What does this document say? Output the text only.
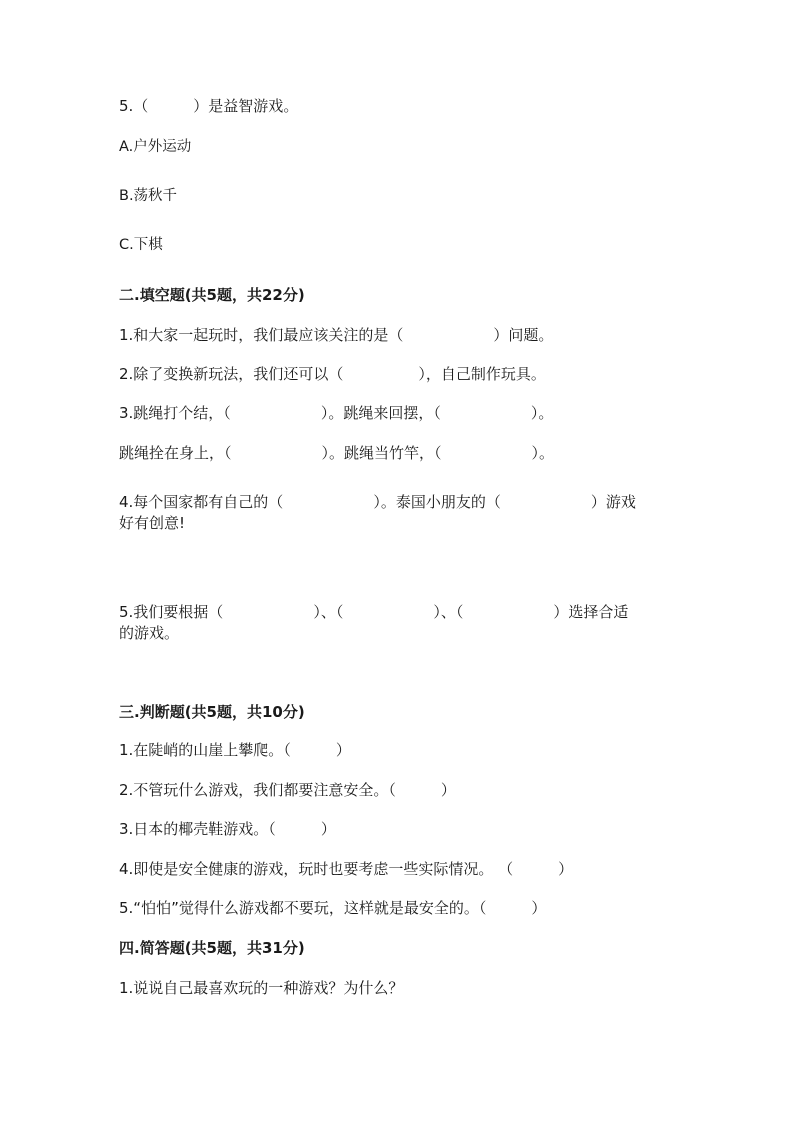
5.（　　　）是益智游戏。
A.户外运动
B.荡秋千
C.下棋
二.填空题(共5题，共22分)
1.和大家一起玩时，我们最应该关注的是（　　　　　　）问题。
2.除了变换新玩法，我们还可以（　　　　　），自己制作玩具。
3.跳绳打个结，（　　　　　　）。跳绳来回摆，（　　　　　　）。
跳绳拴在身上，（　　　　　　）。跳绳当竹竿，（　　　　　　）。
4.每个国家都有自己的（　　　　　　）。泰国小朋友的（　　　　　　）游戏
好有创意!
5.我们要根据（　　　　　　）、（　　　　　　）、（　　　　　　）选择合适
的游戏。
三.判断题(共5题，共10分)
1.在陡峭的山崖上攀爬。（　　　）
2.不管玩什么游戏，我们都要注意安全。（　　　）
3.日本的椰壳鞋游戏。（　　　）
4.即使是安全健康的游戏，玩时也要考虑一些实际情况。 （　　　）
5.“怕怕”觉得什么游戏都不要玩，这样就是最安全的。（　　　）
四.简答题(共5题，共31分)
1.说说自己最喜欢玩的一种游戏？为什么？
